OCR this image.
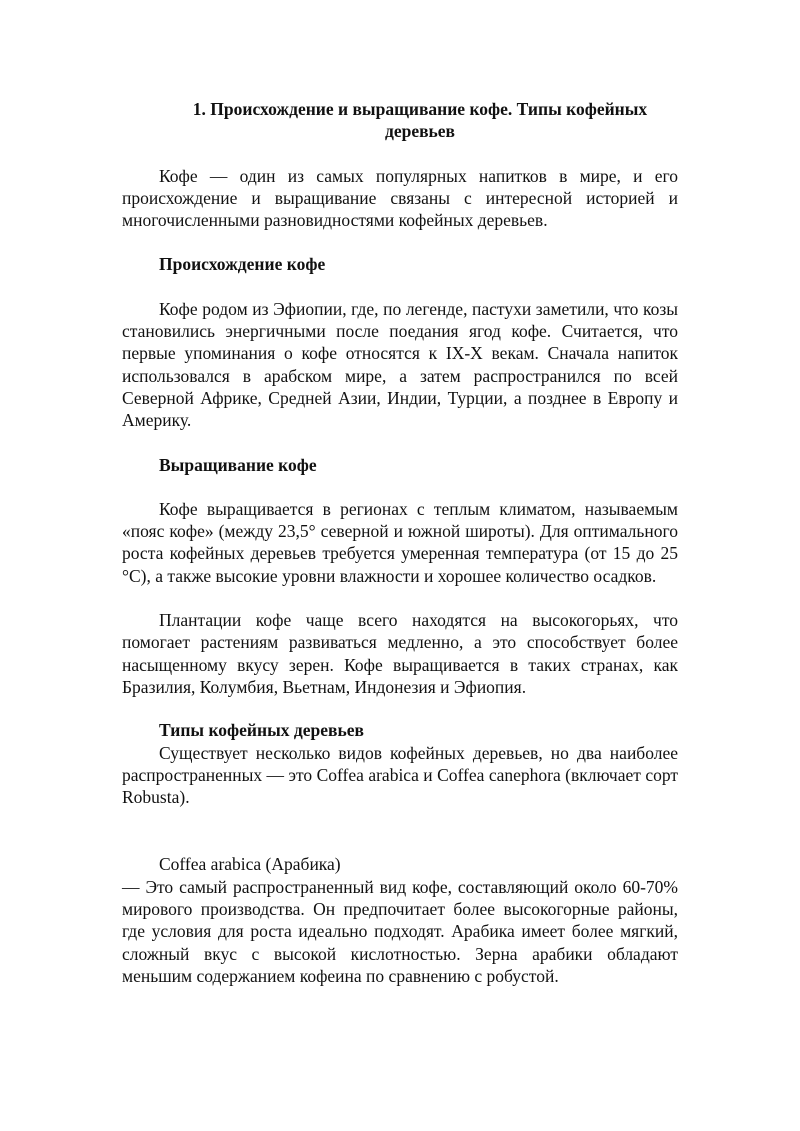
1. Происхождение и выращивание кофе. Типы кофейных деревьев

Кофе — один из самых популярных напитков в мире, и его происхождение и выращивание связаны с интересной историей и многочисленными разновидностями кофейных деревьев.

Происхождение кофе

Кофе родом из Эфиопии, где, по легенде, пастухи заметили, что козы становились энергичными после поедания ягод кофе. Считается, что первые упоминания о кофе относятся к IX-X векам. Сначала напиток использовался в арабском мире, а затем распространился по всей Северной Африке, Средней Азии, Индии, Турции, а позднее в Европу и Америку.

Выращивание кофе

Кофе выращивается в регионах с теплым климатом, называемым «пояс кофе» (между 23,5° северной и южной широты). Для оптимального роста кофейных деревьев требуется умеренная температура (от 15 до 25 °C), а также высокие уровни влажности и хорошее количество осадков.

Плантации кофе чаще всего находятся на высокогорьях, что помогает растениям развиваться медленно, а это способствует более насыщенному вкусу зерен. Кофе выращивается в таких странах, как Бразилия, Колумбия, Вьетнам, Индонезия и Эфиопия.

Типы кофейных деревьев

Существует несколько видов кофейных деревьев, но два наиболее распространенных — это Coffea arabica и Coffea canephora (включает сорт Robusta).

Coffea arabica (Арабика)

— Это самый распространенный вид кофе, составляющий около 60-70% мирового производства. Он предпочитает более высокогорные районы, где условия для роста идеально подходят. Арабика имеет более мягкий, сложный вкус с высокой кислотностью. Зерна арабики обладают меньшим содержанием кофеина по сравнению с робустой.
